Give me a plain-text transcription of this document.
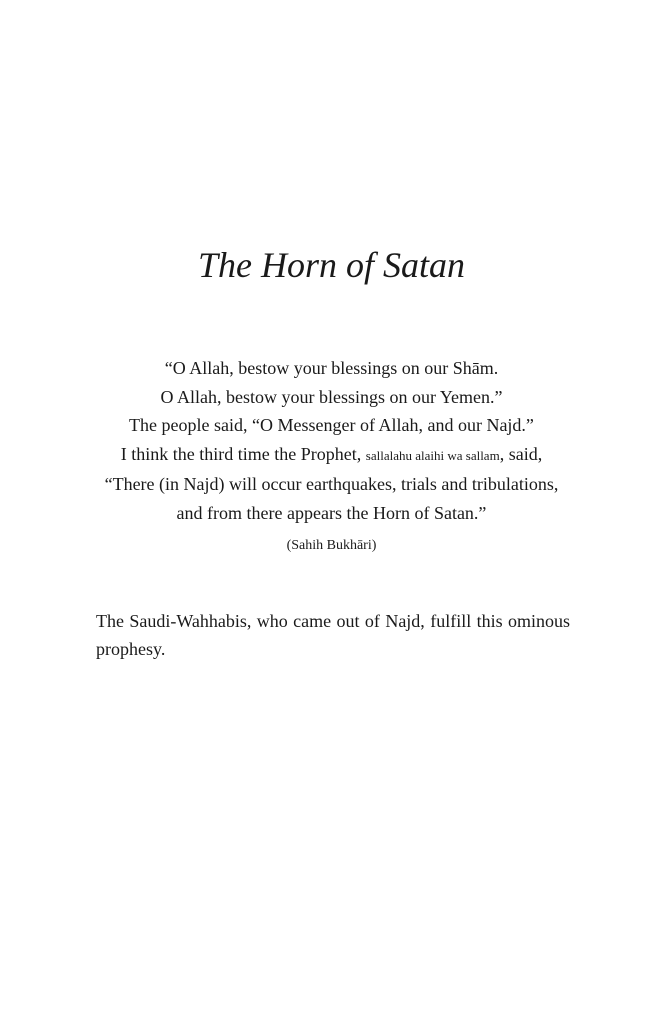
The Horn of Satan
“O Allah, bestow your blessings on our Shām.
O Allah, bestow your blessings on our Yemen.”
The people said, “O Messenger of Allah, and our Najd.”
I think the third time the Prophet, sallalahu alaihi wa sallam, said,
“There (in Najd) will occur earthquakes, trials and tribulations,
and from there appears the Horn of Satan.”
(Sahih Bukhāri)

The Saudi-Wahhabis, who came out of Najd, fulfill this ominous prophesy.
